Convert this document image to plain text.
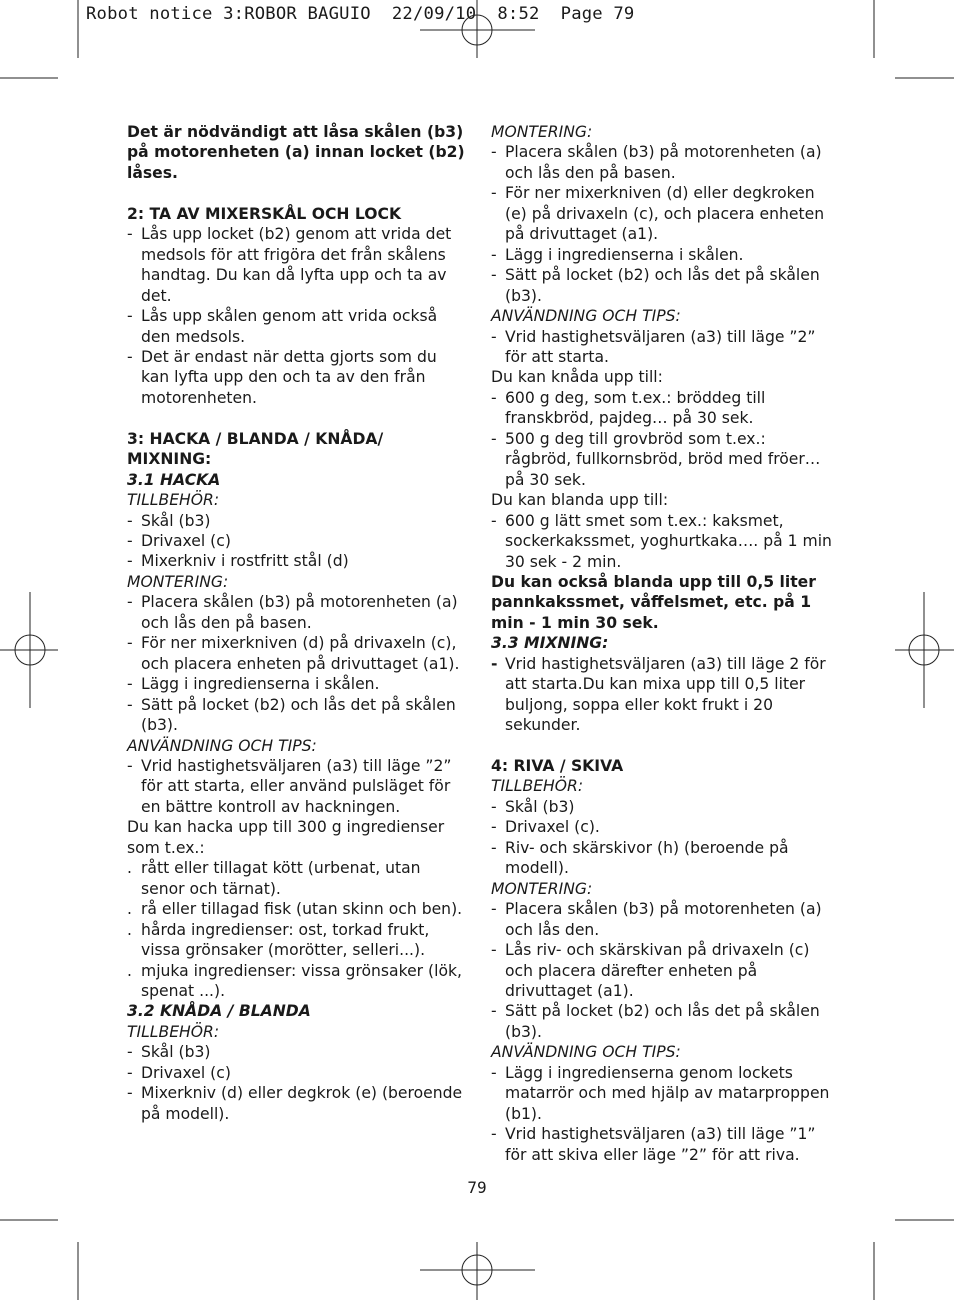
Robot notice 3:ROBOR BAGUIO  22/09/10  8:52  Page 79
Det är nödvändigt att låsa skålen (b3) på motorenheten (a) innan locket (b2) låses.
2: TA AV MIXERSKÅL OCH LOCK
- Lås upp locket (b2) genom att vrida det medsols för att frigöra det från skålens handtag. Du kan då lyfta upp och ta av det.
- Lås upp skålen genom att vrida också den medsols.
- Det är endast när detta gjorts som du kan lyfta upp den och ta av den från motorenheten.
3: HACKA / BLANDA / KNÅDA/ MIXNING:
3.1 HACKA
TILLBEHÖR:
- Skål (b3)
- Drivaxel (c)
- Mixerkniv i rostfritt stål (d)
MONTERING:
- Placera skålen (b3) på motorenheten (a) och lås den på basen.
- För ner mixerkniven (d) på drivaxeln (c), och placera enheten på drivuttaget (a1).
- Lägg i ingredienserna i skålen.
- Sätt på locket (b2) och lås det på skålen (b3).
ANVÄNDNING OCH TIPS:
- Vrid hastighetsväljaren (a3) till läge ”2” för att starta, eller använd pulsläget för en bättre kontroll av hackningen.
Du kan hacka upp till 300 g ingredienser som t.ex.:
. rått eller tillagat kött (urbenat, utan senor och tärnat).
. rå eller tillagad fisk (utan skinn och ben).
. hårda ingredienser: ost, torkad frukt, vissa grönsaker (morötter, selleri...).
. mjuka ingredienser: vissa grönsaker (lök, spenat ...).
3.2 KNÅDA / BLANDA
TILLBEHÖR:
- Skål (b3)
- Drivaxel (c)
- Mixerkniv (d) eller degkrok (e) (beroende på modell).
MONTERING:
- Placera skålen (b3) på motorenheten (a) och lås den på basen.
- För ner mixerkniven (d) eller degkroken (e) på drivaxeln (c), och placera enheten på drivuttaget (a1).
- Lägg i ingredienserna i skålen.
- Sätt på locket (b2) och lås det på skålen (b3).
ANVÄNDNING OCH TIPS:
- Vrid hastighetsväljaren (a3) till läge ”2” för att starta.
Du kan knåda upp till:
- 600 g deg, som t.ex.: bröddeg till franskbröd, pajdeg… på 30 sek.
- 500 g deg till grovbröd som t.ex.: rågbröd, fullkornsbröd, bröd med fröer… på 30 sek.
Du kan blanda upp till:
- 600 g lätt smet som t.ex.: kaksmet, sockerkakssmet, yoghurtkaka…. på 1 min 30 sek - 2 min.
Du kan också blanda upp till 0,5 liter pannkakssmet, våffelsmet, etc. på 1 min - 1 min 30 sek.
3.3 MIXNING:
- Vrid hastighetsväljaren (a3) till läge 2 för att starta.Du kan mixa upp till 0,5 liter buljong, soppa eller kokt frukt i 20 sekunder.
4: RIVA / SKIVA
TILLBEHÖR:
- Skål (b3)
- Drivaxel (c).
- Riv- och skärskivor (h) (beroende på modell).
MONTERING:
- Placera skålen (b3) på motorenheten (a) och lås den.
- Lås riv- och skärskivan på drivaxeln (c) och placera därefter enheten på drivuttaget (a1).
- Sätt på locket (b2) och lås det på skålen (b3).
ANVÄNDNING OCH TIPS:
- Lägg i ingredienserna genom lockets matarrör och med hjälp av matarproppen (b1).
- Vrid hastighetsväljaren (a3) till läge ”1” för att skiva eller läge ”2” för att riva.
79
